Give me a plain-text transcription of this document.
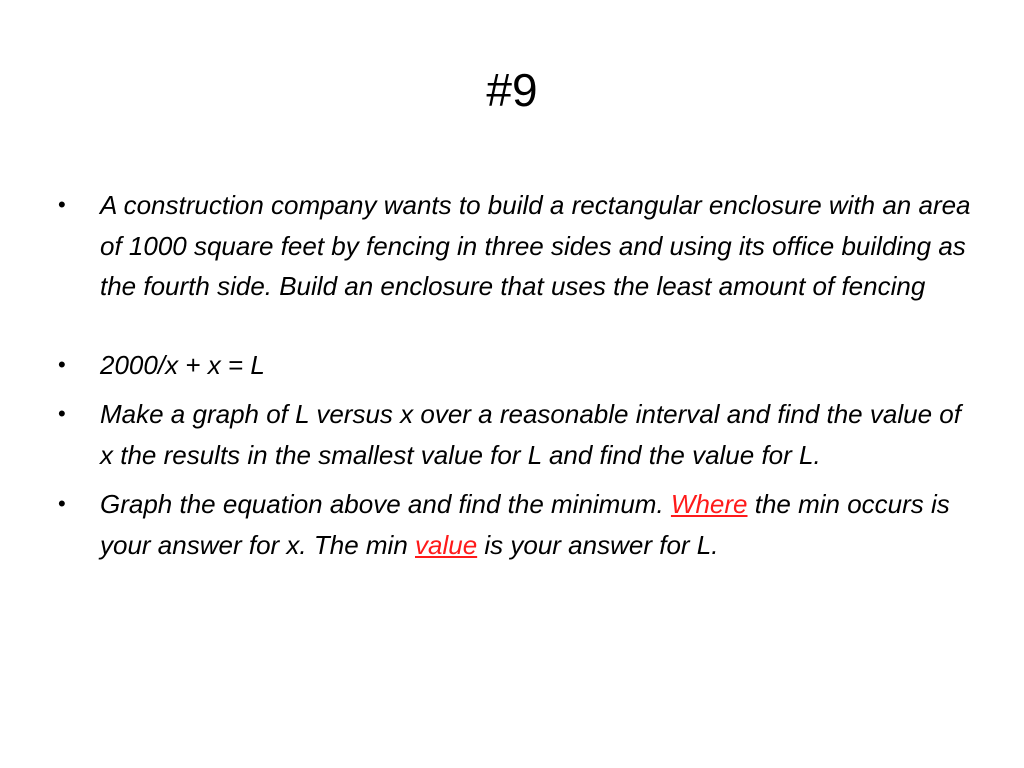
#9
• A construction company wants to build a rectangular enclosure with an area of 1000 square feet by fencing in three sides and using its office building as the fourth side. Build an enclosure that uses the least amount of fencing
• 2000/x + x = L
• Make a graph of L versus x over a reasonable interval and find the value of x the results in the smallest value for L and find the value for L.
• Graph the equation above and find the minimum. Where the min occurs is your answer for x. The min value is your answer for L.
